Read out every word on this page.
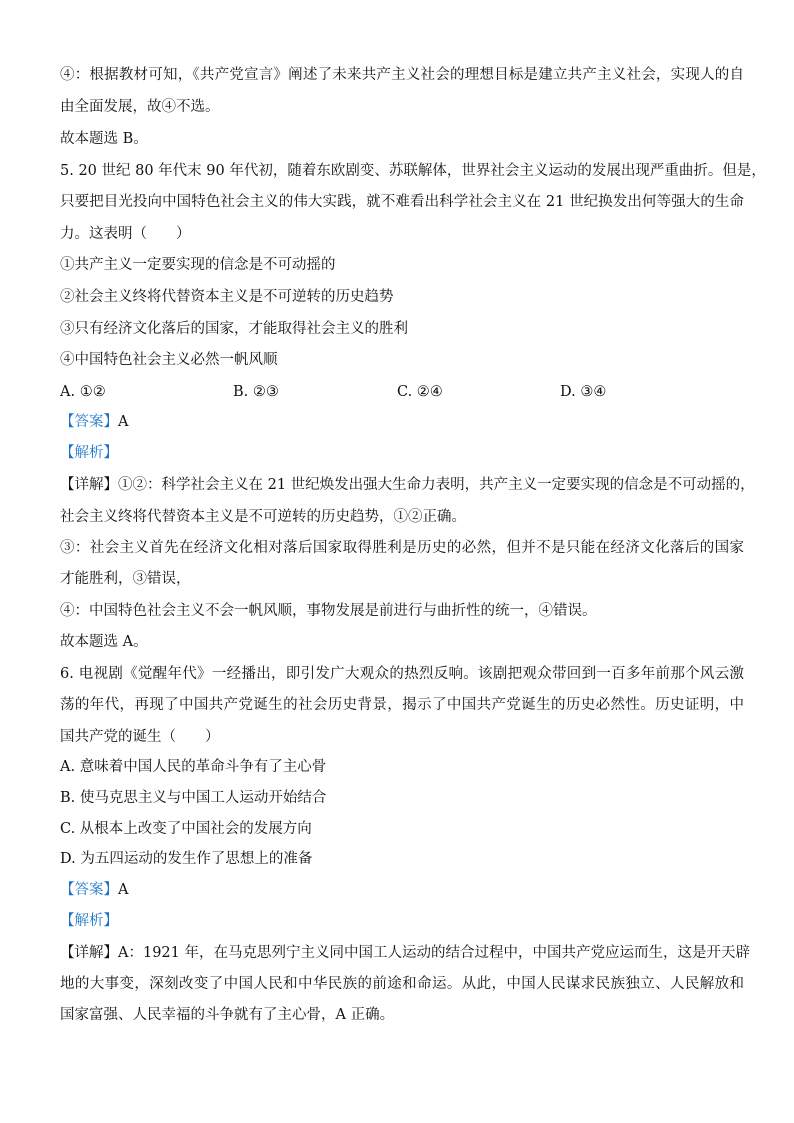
④：根据教材可知，《共产党宣言》阐述了未来共产主义社会的理想目标是建立共产主义社会，实现人的自
由全面发展，故④不选。
故本题选 B。
5. 20 世纪 80 年代末 90 年代初，随着东欧剧变、苏联解体，世界社会主义运动的发展出现严重曲折。但是，
只要把目光投向中国特色社会主义的伟大实践，就不难看出科学社会主义在 21 世纪换发出何等强大的生命
力。这表明（　　）
①共产主义一定要实现的信念是不可动摇的
②社会主义终将代替资本主义是不可逆转的历史趋势
③只有经济文化落后的国家，才能取得社会主义的胜利
④中国特色社会主义必然一帆风顺
A. ①②	B. ②③	C. ②④	D. ③④
【答案】A
【解析】
【详解】①②：科学社会主义在 21 世纪焕发出强大生命力表明，共产主义一定要实现的信念是不可动摇的，
社会主义终将代替资本主义是不可逆转的历史趋势，①②正确。
③：社会主义首先在经济文化相对落后国家取得胜利是历史的必然，但并不是只能在经济文化落后的国家
才能胜利，③错误，
④：中国特色社会主义不会一帆风顺，事物发展是前进行与曲折性的统一，④错误。
故本题选 A。
6. 电视剧《觉醒年代》一经播出，即引发广大观众的热烈反响。该剧把观众带回到一百多年前那个风云激
荡的年代，再现了中国共产党诞生的社会历史背景，揭示了中国共产党诞生的历史必然性。历史证明，中
国共产党的诞生（　　）
A. 意味着中国人民的革命斗争有了主心骨
B. 使马克思主义与中国工人运动开始结合
C. 从根本上改变了中国社会的发展方向
D. 为五四运动的发生作了思想上的准备
【答案】A
【解析】
【详解】A：1921 年，在马克思列宁主义同中国工人运动的结合过程中，中国共产党应运而生，这是开天辟
地的大事变，深刻改变了中国人民和中华民族的前途和命运。从此，中国人民谋求民族独立、人民解放和
国家富强、人民幸福的斗争就有了主心骨，A 正确。
